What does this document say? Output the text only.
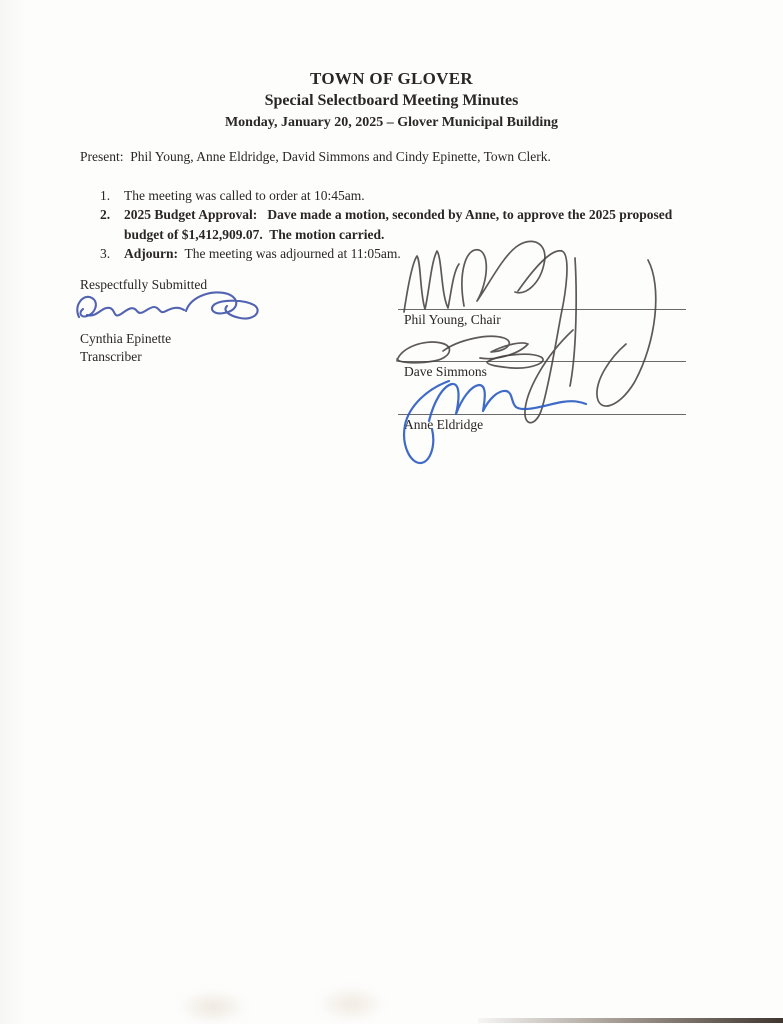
TOWN OF GLOVER
Special Selectboard Meeting Minutes
Monday, January 20, 2025 – Glover Municipal Building
Present:  Phil Young, Anne Eldridge, David Simmons and Cindy Epinette, Town Clerk.
1.	The meeting was called to order at 10:45am.
2.	2025 Budget Approval:   Dave made a motion, seconded by Anne, to approve the 2025 proposed budget of $1,412,909.07.  The motion carried.
3.	Adjourn:  The meeting was adjourned at 11:05am.
Respectfully Submitted
Cynthia Epinette
Transcriber
Phil Young, Chair
Dave Simmons
Anne Eldridge
